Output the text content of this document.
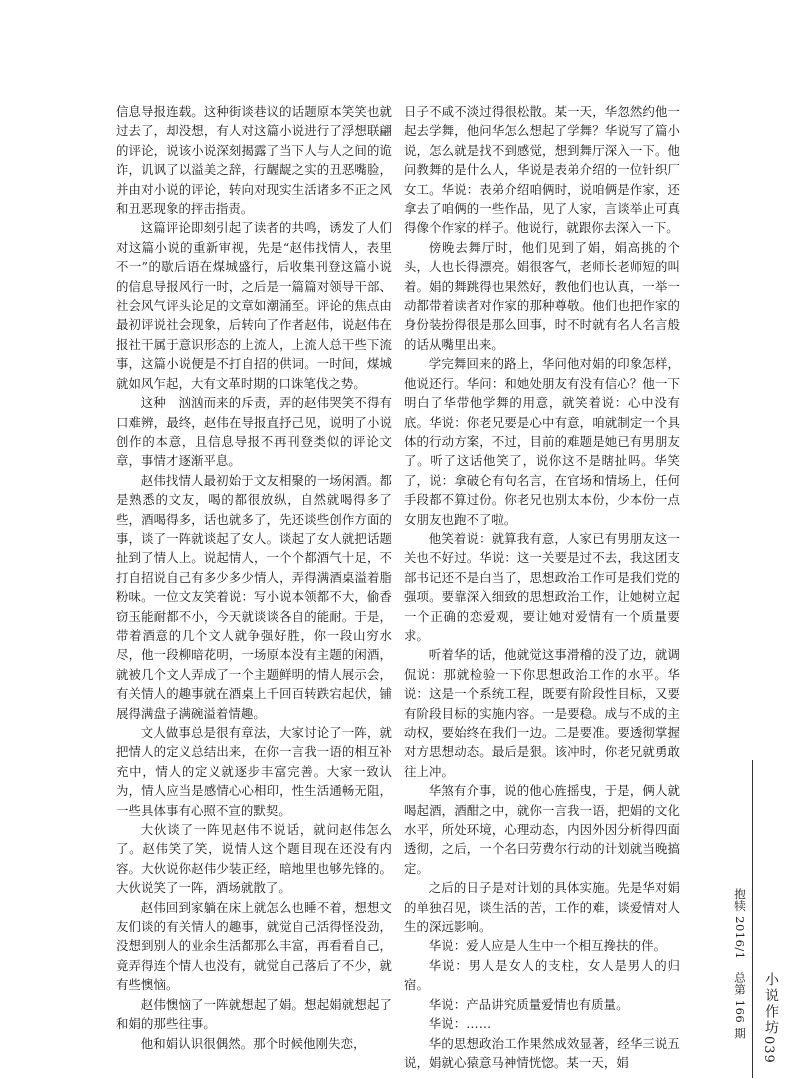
信息导报连载。这种街谈巷议的话题原本笑笑也就过去了，却没想，有人对这篇小说进行了浮想联翩的评论，说该小说深刻揭露了当下人与人之间的诡诈，讥讽了以溢美之辞，行龌龊之实的丑恶嘴脸，并由对小说的评论，转向对现实生活诸多不正之风和丑恶现象的抨击指责。

这篇评论即刻引起了读者的共鸣，诱发了人们对这篇小说的重新审视，先是“赵伟找情人，表里不一”的歇后语在煤城盛行，后收集刊登这篇小说的信息导报风行一时，之后是一篇篇对领导干部、社会风气评头论足的文章如潮涌至。评论的焦点由最初评说社会现象，后转向了作者赵伟，说赵伟在报社干属于意识形态的上流人，上流人总干些下流事，这篇小说便是不打自招的供词。一时间，煤城就如风乍起，大有文革时期的口诛笔伐之势。

这种　汹汹而来的斥责，弄的赵伟哭笑不得有口难辨，最终，赵伟在导报直抒己见，说明了小说创作的本意，且信息导报不再刊登类似的评论文章，事情才逐渐平息。

赵伟找情人最初始于文友相聚的一场闲酒。都是熟悉的文友，喝的都很放纵，自然就喝得多了些，酒喝得多，话也就多了，先还谈些创作方面的事，谈了一阵就谈起了女人。谈起了女人就把话题扯到了情人上。说起情人，一个个都酒气十足，不打自招说自己有多少多少情人，弄得满酒桌溢着脂粉味。一位文友笑着说：写小说本领都不大，偷香窃玉能耐都不小，今天就谈谈各自的能耐。于是，带着酒意的几个文人就争强好胜，你一段山穷水尽，他一段柳暗花明，一场原本没有主题的闲酒，就被几个文人弄成了一个主题鲜明的情人展示会，有关情人的趣事就在酒桌上千回百转跌宕起伏，铺展得满盘子满碗溢着情趣。

文人做事总是很有章法，大家讨论了一阵，就把情人的定义总结出来，在你一言我一语的相互补充中，情人的定义就逐步丰富完善。大家一致认为，情人应当是感情心心相印，性生活通畅无阻，一些具体事有心照不宣的默契。

大伙谈了一阵见赵伟不说话，就问赵伟怎么了。赵伟笑了笑，说情人这个题目现在还没有内容。大伙说你赵伟少装正经，暗地里也够先锋的。大伙说笑了一阵，酒场就散了。

赵伟回到家躺在床上就怎么也睡不着，想想文友们谈的有关情人的趣事，就觉自己活得怪没劲，没想到别人的业余生活都那么丰富，再看看自己，竟弄得连个情人也没有，就觉自己落后了不少，就有些懊恼。

赵伟懊恼了一阵就想起了娟。想起娟就想起了和娟的那些往事。

他和娟认识很偶然。那个时候他刚失恋，

日子不咸不淡过得很松散。某一天，华忽然约他一起去学舞，他问华怎么想起了学舞？华说写了篇小说，怎么就是找不到感觉，想到舞厅深入一下。他问教舞的是什么人，华说是表弟介绍的一位针织厂女工。华说：表弟介绍咱俩时，说咱俩是作家，还拿去了咱俩的一些作品，见了人家，言谈举止可真得像个作家的样子。他说行，就跟你去深入一下。

傍晚去舞厅时，他们见到了娟，娟高挑的个头，人也长得漂亮。娟很客气，老师长老师短的叫着。娟的舞跳得也果然好，教他们也认真，一举一动都带着读者对作家的那种尊敬。他们也把作家的身份装扮得很是那么回事，时不时就有名人名言般的话从嘴里出来。

学完舞回来的路上，华问他对娟的印象怎样，他说还行。华问：和她处朋友有没有信心？他一下明白了华带他学舞的用意，就笑着说：心中没有底。华说：你老兄要是心中有意，咱就制定一个具体的行动方案，不过，目前的难题是她已有男朋友了。听了这话他笑了，说你这不是瞎扯吗。华笑了，说：拿破仑有句名言，在官场和情场上，任何手段都不算过份。你老兄也别太本份，少本份一点女朋友也跑不了啦。

他笑着说：就算我有意，人家已有男朋友这一关也不好过。华说：这一关要是过不去，我这团支部书记还不是白当了，思想政治工作可是我们党的强项。要靠深入细致的思想政治工作，让她树立起一个正确的恋爱观，要让她对爱情有一个质量要求。

听着华的话，他就觉这事滑稽的没了边，就调侃说：那就检验一下你思想政治工作的水平。华说：这是一个系统工程，既要有阶段性目标，又要有阶段目标的实施内容。一是要稳。成与不成的主动权，要始终在我们一边。二是要准。要透彻掌握对方思想动态。最后是狠。该冲时，你老兄就勇敢往上冲。

华煞有介事，说的他心旌摇曳，于是，俩人就喝起酒，酒酣之中，就你一言我一语，把娟的文化水平，所处环境，心理动态，内因外因分析得四面透彻，之后，一个名曰劳费尔行动的计划就当晚搞定。

之后的日子是对计划的具体实施。先是华对娟的单独召见，谈生活的苦，工作的难，谈爱情对人生的深远影响。

华说：爱人应是人生中一个相互搀扶的伴。

华说：男人是女人的支柱，女人是男人的归宿。

华说：产品讲究质量爱情也有质量。

华说：……

华的思想政治工作果然成效显著，经华三说五说，娟就心猿意马神情恍惚。某一天，娟

抱犊 2016/1　总第 166 期 小说作坊
039
